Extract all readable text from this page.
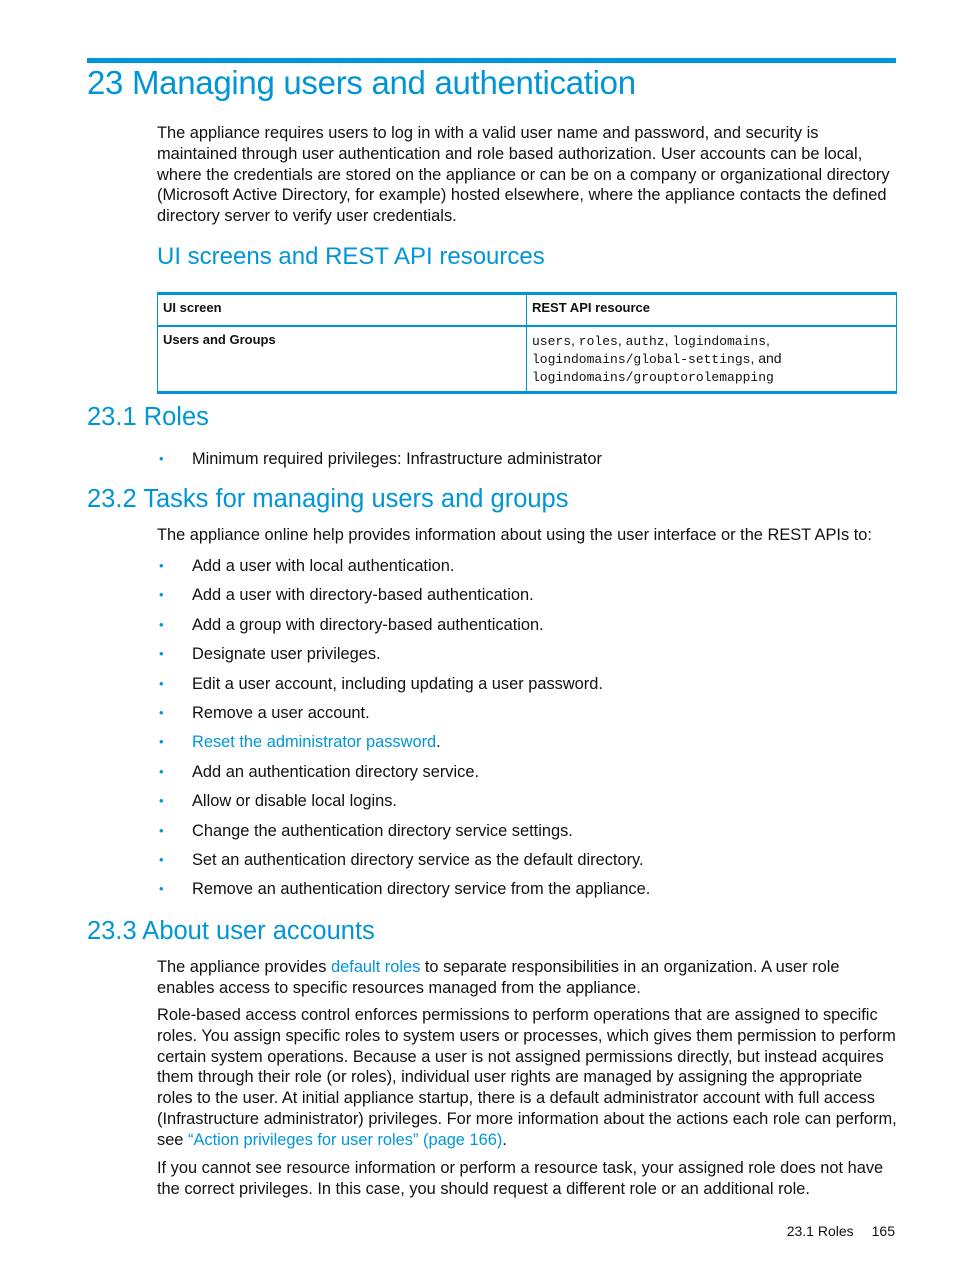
23 Managing users and authentication

The appliance requires users to log in with a valid user name and password, and security is maintained through user authentication and role based authorization. User accounts can be local, where the credentials are stored on the appliance or can be on a company or organizational directory (Microsoft Active Directory, for example) hosted elsewhere, where the appliance contacts the defined directory server to verify user credentials.

UI screens and REST API resources
UI screen	REST API resource
Users and Groups	users, roles, authz, logindomains,
logindomains/global-settings, and
logindomains/grouptorolemapping
23.1 Roles
• Minimum required privileges: Infrastructure administrator
23.2 Tasks for managing users and groups

The appliance online help provides information about using the user interface or the REST APIs to:

• Add a user with local authentication.
• Add a user with directory-based authentication.
• Add a group with directory-based authentication.
• Designate user privileges.
• Edit a user account, including updating a user password.
• Remove a user account.
• Reset the administrator password.
• Add an authentication directory service.
• Allow or disable local logins.
• Change the authentication directory service settings.
• Set an authentication directory service as the default directory.
• Remove an authentication directory service from the appliance.
23.3 About user accounts

The appliance provides default roles to separate responsibilities in an organization. A user role enables access to specific resources managed from the appliance.

Role-based access control enforces permissions to perform operations that are assigned to specific roles. You assign specific roles to system users or processes, which gives them permission to perform certain system operations. Because a user is not assigned permissions directly, but instead acquires them through their role (or roles), individual user rights are managed by assigning the appropriate roles to the user. At initial appliance startup, there is a default administrator account with full access (Infrastructure administrator) privileges. For more information about the actions each role can perform, see “Action privileges for user roles” (page 166).

If you cannot see resource information or perform a resource task, your assigned role does not have the correct privileges. In this case, you should request a different role or an additional role.

23.1 Roles 165
